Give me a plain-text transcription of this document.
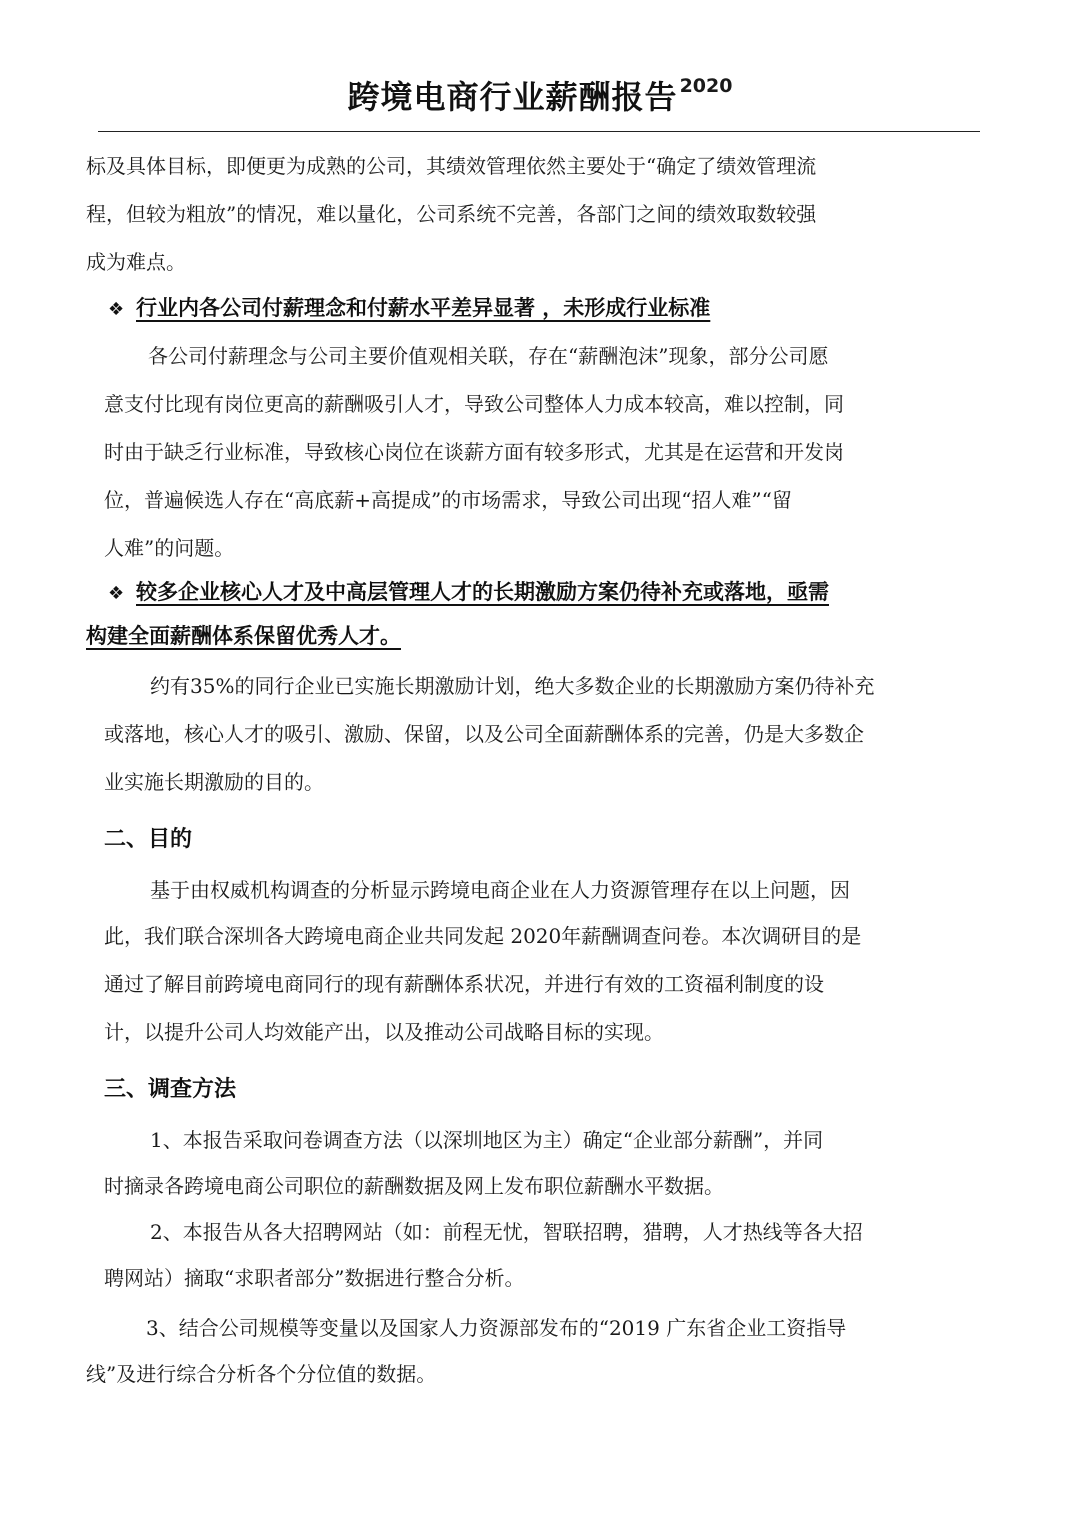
跨境电商行业薪酬报告 2020
标及具体目标，即便更为成熟的公司，其绩效管理依然主要处于“确定了绩效管理流
程，但较为粗放”的情况，难以量化，公司系统不完善，各部门之间的绩效取数较强
成为难点。
❖ 行业内各公司付薪理念和付薪水平差异显著 ，未形成行业标准
各公司付薪理念与公司主要价值观相关联，存在“薪酬泡沫”现象，部分公司愿
意支付比现有岗位更高的薪酬吸引人才，导致公司整体人力成本较高，难以控制，同
时由于缺乏行业标准，导致核心岗位在谈薪方面有较多形式，尤其是在运营和开发岗
位，普遍候选人存在“高底薪+高提成”的市场需求，导致公司出现“招人难”“留
人难”的问题。
❖ 较多企业核心人才及中高层管理人才的长期激励方案仍待补充或落地，亟需
构建全面薪酬体系保留优秀人才。
约有35%的同行企业已实施长期激励计划，绝大多数企业的长期激励方案仍待补充
或落地，核心人才的吸引、激励、保留，以及公司全面薪酬体系的完善，仍是大多数企
业实施长期激励的目的。
二、目的
基于由权威机构调查的分析显示跨境电商企业在人力资源管理存在以上问题，因
此，我们联合深圳各大跨境电商企业共同发起 2020年薪酬调查问卷。本次调研目的是
通过了解目前跨境电商同行的现有薪酬体系状况，并进行有效的工资福利制度的设
计，以提升公司人均效能产出，以及推动公司战略目标的实现。
三、调查方法
1、本报告采取问卷调查方法（以深圳地区为主）确定“企业部分薪酬”，并同
时摘录各跨境电商公司职位的薪酬数据及网上发布职位薪酬水平数据。
2、本报告从各大招聘网站（如：前程无忧，智联招聘，猎聘，人才热线等各大招
聘网站）摘取“求职者部分”数据进行整合分析。
3、结合公司规模等变量以及国家人力资源部发布的“2019 广东省企业工资指导
线”及进行综合分析各个分位值的数据。
